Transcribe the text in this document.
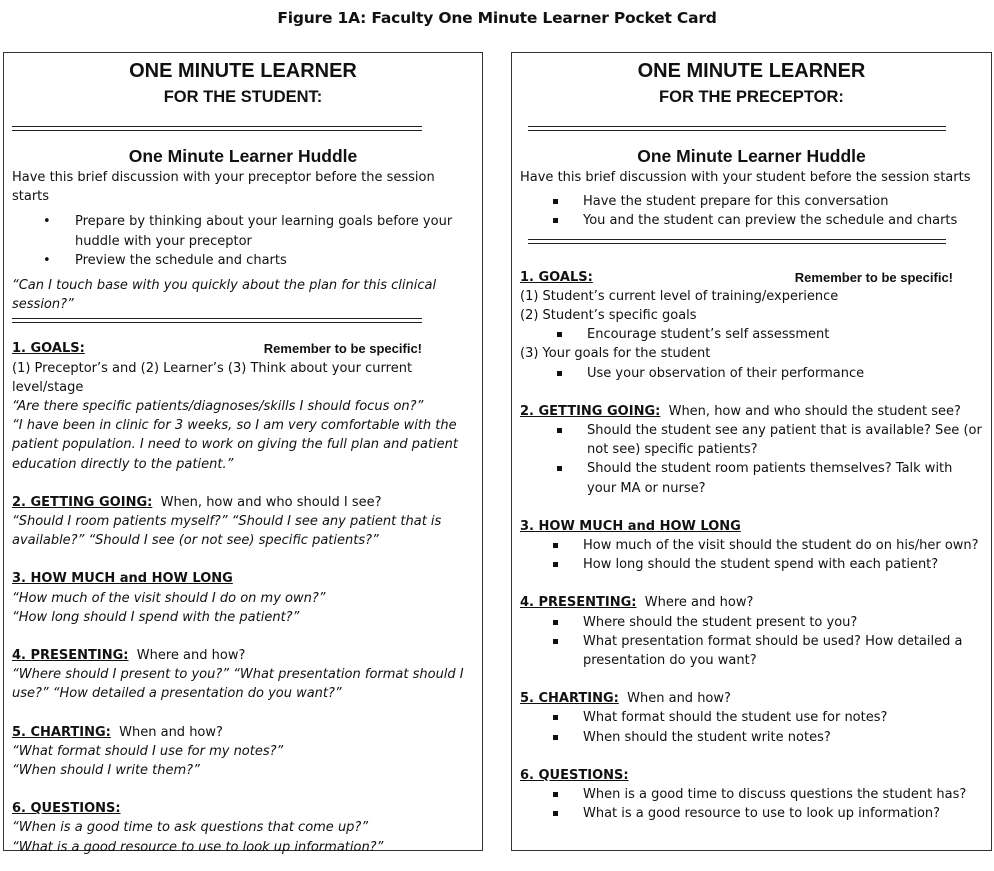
Figure 1A: Faculty One Minute Learner Pocket Card
ONE MINUTE LEARNER
FOR THE STUDENT:
One Minute Learner Huddle
Have this brief discussion with your preceptor before the session starts
• Prepare by thinking about your learning goals before your huddle with your preceptor
• Preview the schedule and charts
“Can I touch base with you quickly about the plan for this clinical session?”
1. GOALS:	Remember to be specific!
(1) Preceptor’s and (2) Learner’s (3) Think about your current level/stage
“Are there specific patients/diagnoses/skills I should focus on?”
“I have been in clinic for 3 weeks, so I am very comfortable with the patient population. I need to work on giving the full plan and patient education directly to the patient.”
2. GETTING GOING: When, how and who should I see?
“Should I room patients myself?” “Should I see any patient that is available?” “Should I see (or not see) specific patients?”
3. HOW MUCH and HOW LONG
“How much of the visit should I do on my own?”
“How long should I spend with the patient?”
4. PRESENTING: Where and how?
“Where should I present to you?” “What presentation format should I use?” “How detailed a presentation do you want?”
5. CHARTING: When and how?
“What format should I use for my notes?”
“When should I write them?”
6. QUESTIONS:
“When is a good time to ask questions that come up?”
“What is a good resource to use to look up information?”
ONE MINUTE LEARNER
FOR THE PRECEPTOR:
One Minute Learner Huddle
Have this brief discussion with your student before the session starts
Have the student prepare for this conversation
You and the student can preview the schedule and charts
1. GOALS:	Remember to be specific!
(1) Student’s current level of training/experience
(2) Student’s specific goals
Encourage student’s self assessment
(3) Your goals for the student
Use your observation of their performance
2. GETTING GOING: When, how and who should the student see?
Should the student see any patient that is available? See (or not see) specific patients?
Should the student room patients themselves? Talk with your MA or nurse?
3. HOW MUCH and HOW LONG
How much of the visit should the student do on his/her own?
How long should the student spend with each patient?
4. PRESENTING: Where and how?
Where should the student present to you?
What presentation format should be used? How detailed a presentation do you want?
5. CHARTING: When and how?
What format should the student use for notes?
When should the student write notes?
6. QUESTIONS:
When is a good time to discuss questions the student has?
What is a good resource to use to look up information?
